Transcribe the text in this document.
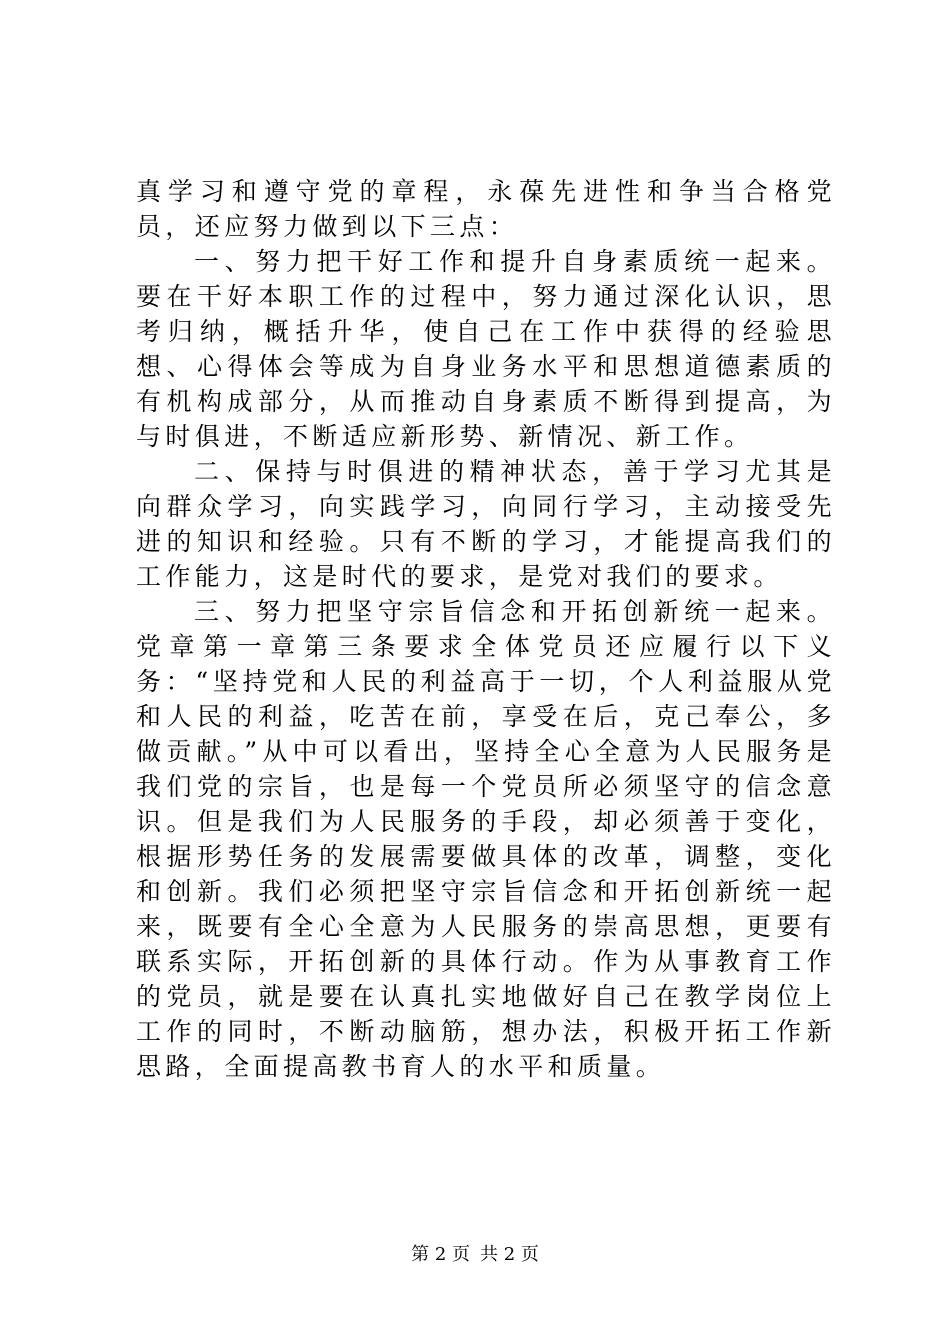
真学习和遵守党的章程，永葆先进性和争当合格党员，还应努力做到以下三点：

一、努力把干好工作和提升自身素质统一起来。要在干好本职工作的过程中，努力通过深化认识，思考归纳，概括升华，使自己在工作中获得的经验思想、心得体会等成为自身业务水平和思想道德素质的有机构成部分，从而推动自身素质不断得到提高，为与时俱进，不断适应新形势、新情况、新工作。

二、保持与时俱进的精神状态，善于学习尤其是向群众学习，向实践学习，向同行学习，主动接受先进的知识和经验。只有不断的学习，才能提高我们的工作能力，这是时代的要求，是党对我们的要求。

三、努力把坚守宗旨信念和开拓创新统一起来。党章第一章第三条要求全体党员还应履行以下义务：“坚持党和人民的利益高于一切，个人利益服从党和人民的利益，吃苦在前，享受在后，克己奉公，多做贡献。”从中可以看出，坚持全心全意为人民服务是我们党的宗旨，也是每一个党员所必须坚守的信念意识。但是我们为人民服务的手段，却必须善于变化，根据形势任务的发展需要做具体的改革，调整，变化和创新。我们必须把坚守宗旨信念和开拓创新统一起来，既要有全心全意为人民服务的崇高思想，更要有联系实际，开拓创新的具体行动。作为从事教育工作的党员，就是要在认真扎实地做好自己在教学岗位上工作的同时，不断动脑筋，想办法，积极开拓工作新思路，全面提高教书育人的水平和质量。

第 2 页 共 2 页
